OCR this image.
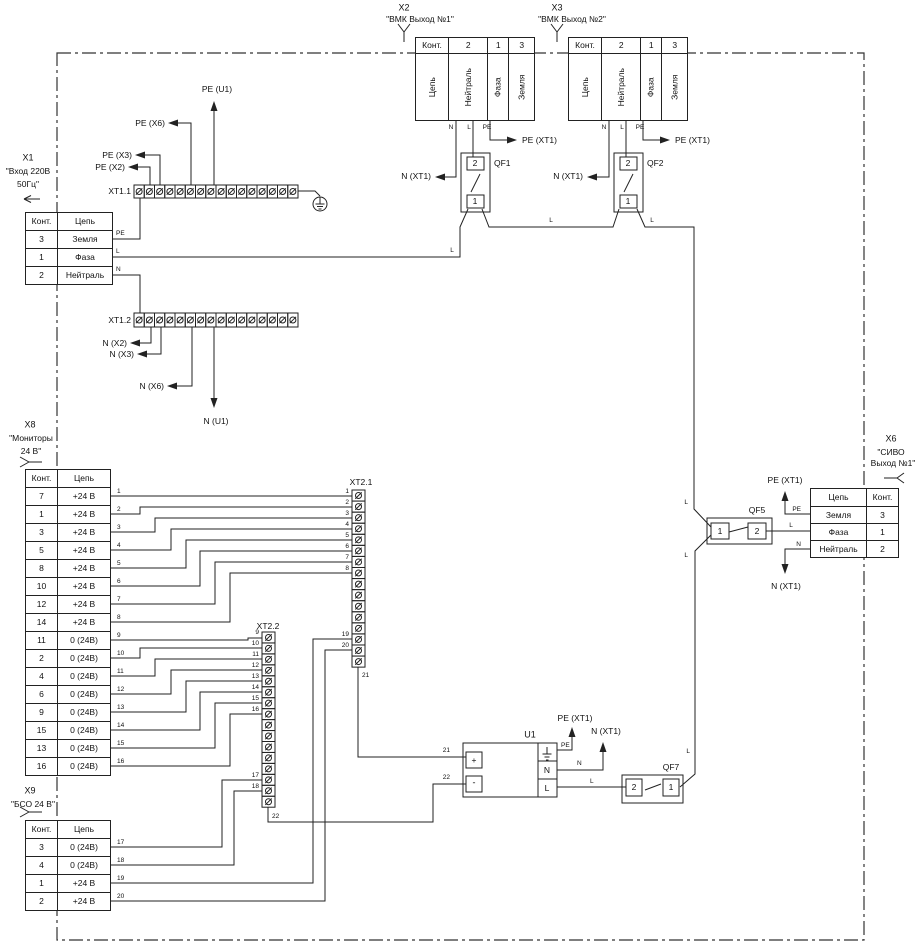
Конт.	Цепь
3	Земля
1	Фаза
2	Нейтраль
Конт.	2	1	3

Цепь	Нейтраль	Фаза	Земля
Конт.	2	1	3

Цепь	Нейтраль	Фаза	Земля
Цепь	Конт.
Земля	3
Фаза	1
Нейтраль	2
Конт.	Цепь
7	+24 В
1	+24 В
3	+24 В
5	+24 В
8	+24 В
10	+24 В
12	+24 В
14	+24 В
11	0 (24В)
2	0 (24В)
4	0 (24В)
6	0 (24В)
9	0 (24В)
15	0 (24В)
13	0 (24В)
16	0 (24В)
Конт.	Цепь
3	0 (24В)
4	0 (24В)
1	+24 В
2	+24 В
X1
"Вход 220В
50Гц"
X2
"ВМК Выход №1"
X3
"ВМК Выход №2"
X6
"СИВО
Выход №1"
X8
"Мониторы
24 В"
X9
"БСО 24 В"
XT1.1
XT1.2
XT2.1
XT2.2
QF1
2
1
QF2
2
1
QF5
1	2
QF7
2	1
U1
+
-
N
L
PE
L
N
PE (X2)
PE (X3)
PE (X6)
PE (U1)
N (X2)
N (X3)
N (X6)
N (U1)
N L PE
N (XT1)
PE (XT1)
N L PE
N (XT1)
PE (XT1)
L
L	L
L
L
L
L
PE
N
PE (XT1)
N (XT1)
PE
N
L
PE (XT1)
N (XT1)
1
2
3
4
5
6
7
8
9
10
11
12
13
14
15
16
17
18
19
20
1
2
3
4
5
6
7
8
19
20
21
9
10
11
12
13
14
15
16
17
18
22
21
22
